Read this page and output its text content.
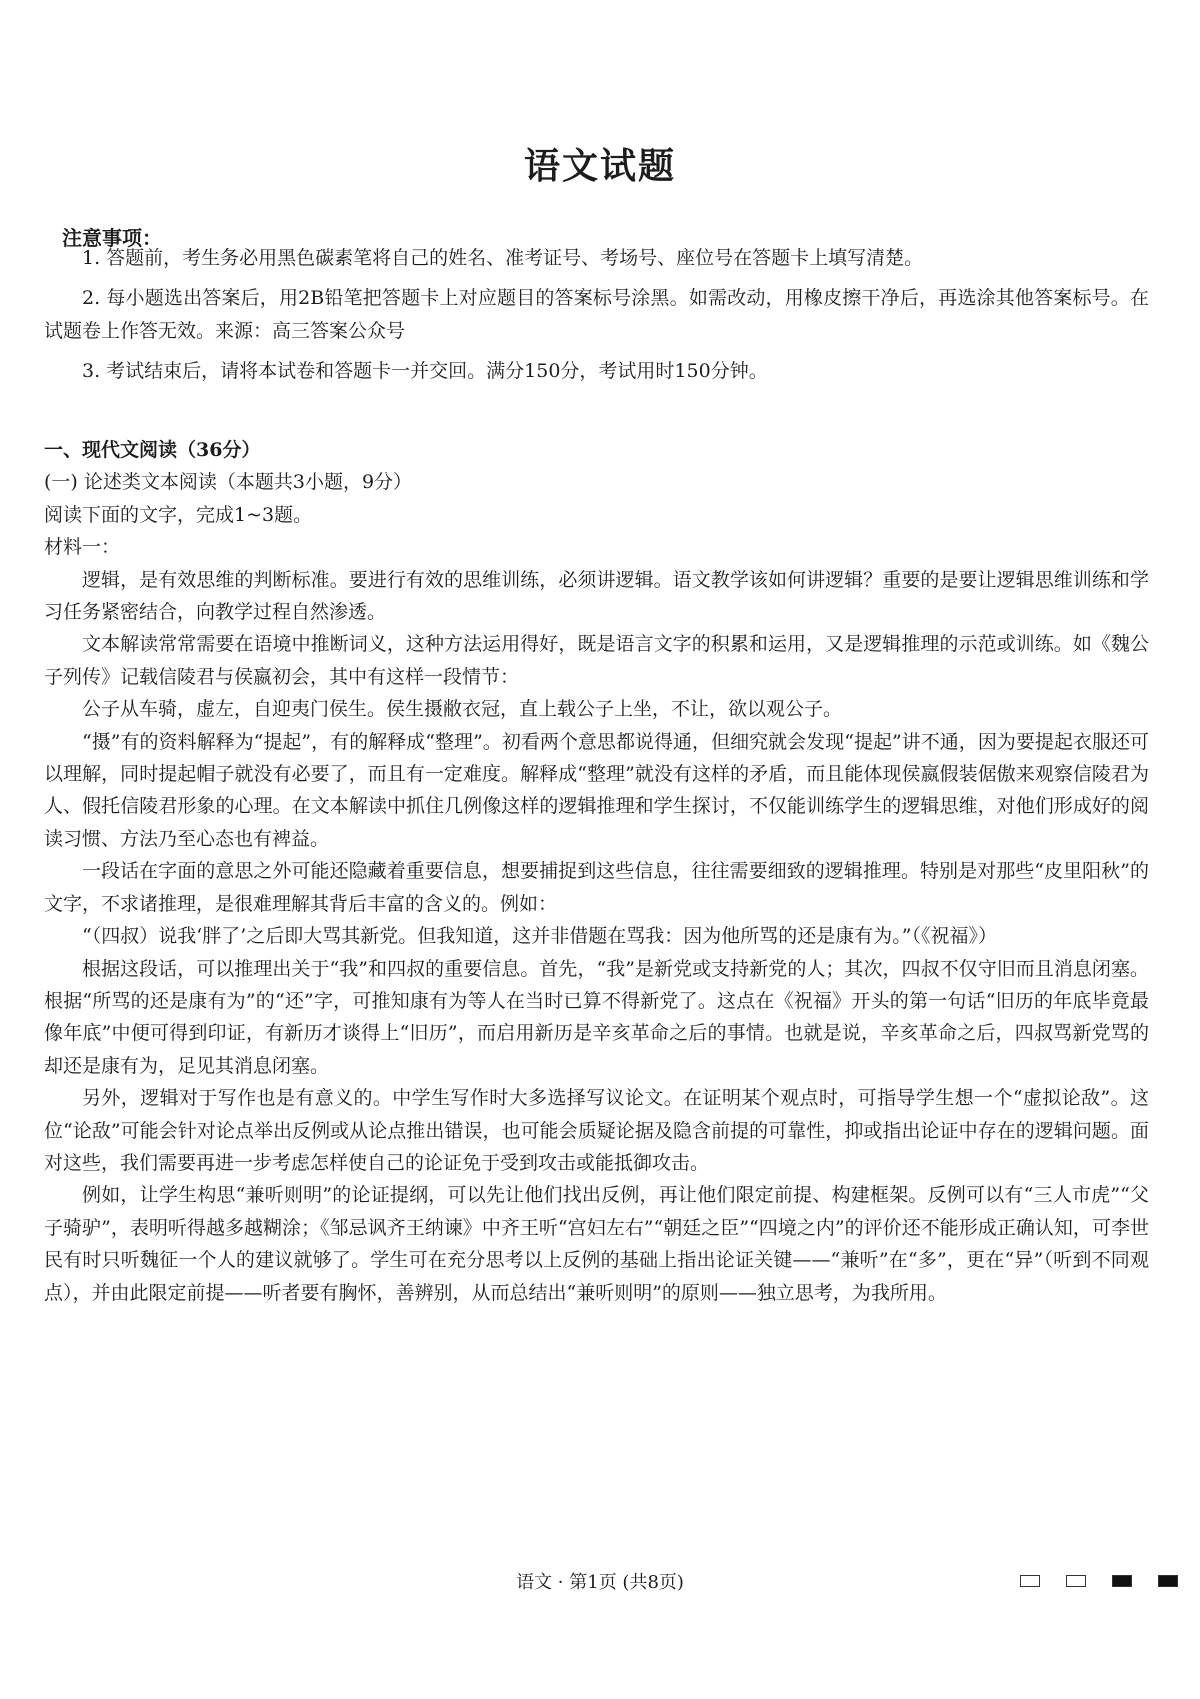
语文试题
注意事项：

1. 答题前，考生务必用黑色碳素笔将自己的姓名、准考证号、考场号、座位号在答题卡上填写清楚。

2. 每小题选出答案后，用2B铅笔把答题卡上对应题目的答案标号涂黑。如需改动，用橡皮擦干净后，再选涂其他答案标号。在试题卷上作答无效。来源：高三答案公众号

3. 考试结束后，请将本试卷和答题卡一并交回。满分150分，考试用时150分钟。

一、现代文阅读（36分）

(一) 论述类文本阅读（本题共3小题，9分）

阅读下面的文字，完成1~3题。

材料一：

逻辑，是有效思维的判断标准。要进行有效的思维训练，必须讲逻辑。语文教学该如何讲逻辑？重要的是要让逻辑思维训练和学习任务紧密结合，向教学过程自然渗透。

文本解读常常需要在语境中推断词义，这种方法运用得好，既是语言文字的积累和运用，又是逻辑推理的示范或训练。如《魏公子列传》记载信陵君与侯嬴初会，其中有这样一段情节：

公子从车骑，虚左，自迎夷门侯生。侯生摄敝衣冠，直上载公子上坐，不让，欲以观公子。

“摄”有的资料解释为“提起”，有的解释成“整理”。初看两个意思都说得通，但细究就会发现“提起”讲不通，因为要提起衣服还可以理解，同时提起帽子就没有必要了，而且有一定难度。解释成“整理”就没有这样的矛盾，而且能体现侯嬴假装倨傲来观察信陵君为人、假托信陵君形象的心理。在文本解读中抓住几例像这样的逻辑推理和学生探讨，不仅能训练学生的逻辑思维，对他们形成好的阅读习惯、方法乃至心态也有裨益。

一段话在字面的意思之外可能还隐藏着重要信息，想要捕捉到这些信息，往往需要细致的逻辑推理。特别是对那些“皮里阳秋”的文字，不求诸推理，是很难理解其背后丰富的含义的。例如：

“（四叔）说我‘胖了’之后即大骂其新党。但我知道，这并非借题在骂我：因为他所骂的还是康有为。”（《祝福》）

根据这段话，可以推理出关于“我”和四叔的重要信息。首先，“我”是新党或支持新党的人；其次，四叔不仅守旧而且消息闭塞。根据“所骂的还是康有为”的“还”字，可推知康有为等人在当时已算不得新党了。这点在《祝福》开头的第一句话“旧历的年底毕竟最像年底”中便可得到印证，有新历才谈得上“旧历”，而启用新历是辛亥革命之后的事情。也就是说，辛亥革命之后，四叔骂新党骂的却还是康有为，足见其消息闭塞。

另外，逻辑对于写作也是有意义的。中学生写作时大多选择写议论文。在证明某个观点时，可指导学生想一个“虚拟论敌”。这位“论敌”可能会针对论点举出反例或从论点推出错误，也可能会质疑论据及隐含前提的可靠性，抑或指出论证中存在的逻辑问题。面对这些，我们需要再进一步考虑怎样使自己的论证免于受到攻击或能抵御攻击。

例如，让学生构思“兼听则明”的论证提纲，可以先让他们找出反例，再让他们限定前提、构建框架。反例可以有“三人市虎”“父子骑驴”，表明听得越多越糊涂；《邹忌讽齐王纳谏》中齐王听“宫妇左右”“朝廷之臣”“四境之内”的评价还不能形成正确认知，可李世民有时只听魏征一个人的建议就够了。学生可在充分思考以上反例的基础上指出论证关键——“兼听”在“多”，更在“异”（听到不同观点），并由此限定前提——听者要有胸怀，善辨别，从而总结出“兼听则明”的原则——独立思考，为我所用。

语文 · 第1页 (共8页)
